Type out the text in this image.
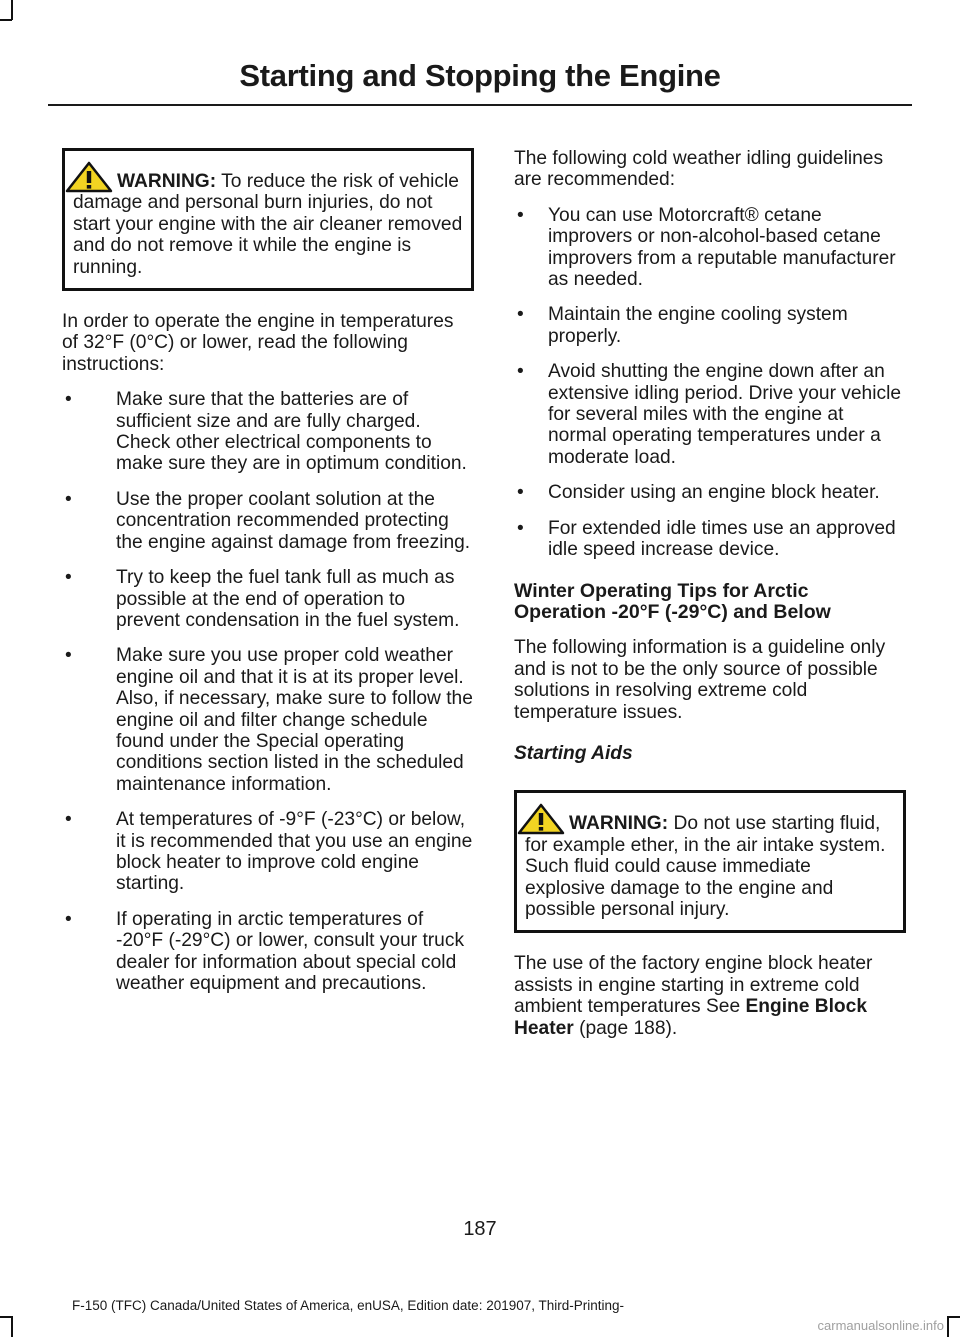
Starting and Stopping the Engine
WARNING: To reduce the risk of vehicle damage and personal burn injuries, do not start your engine with the air cleaner removed and do not remove it while the engine is running.

In order to operate the engine in temperatures of 32°F (0°C) or lower, read the following instructions:

• Make sure that the batteries are of sufficient size and are fully charged. Check other electrical components to make sure they are in optimum condition.
• Use the proper coolant solution at the concentration recommended protecting the engine against damage from freezing.
• Try to keep the fuel tank full as much as possible at the end of operation to prevent condensation in the fuel system.
• Make sure you use proper cold weather engine oil and that it is at its proper level. Also, if necessary, make sure to follow the engine oil and filter change schedule found under the Special operating conditions section listed in the scheduled maintenance information.
• At temperatures of -9°F (-23°C) or below, it is recommended that you use an engine block heater to improve cold engine starting.
• If operating in arctic temperatures of -20°F (-29°C) or lower, consult your truck dealer for information about special cold weather equipment and precautions.

The following cold weather idling guidelines are recommended:

• You can use Motorcraft® cetane improvers or non-alcohol-based cetane improvers from a reputable manufacturer as needed.
• Maintain the engine cooling system properly.
• Avoid shutting the engine down after an extensive idling period. Drive your vehicle for several miles with the engine at normal operating temperatures under a moderate load.
• Consider using an engine block heater.
• For extended idle times use an approved idle speed increase device.
Winter Operating Tips for Arctic Operation -20°F (-29°C) and Below

The following information is a guideline only and is not to be the only source of possible solutions in resolving extreme cold temperature issues.

Starting Aids
WARNING: Do not use starting fluid, for example ether, in the air intake system. Such fluid could cause immediate explosive damage to the engine and possible personal injury.

The use of the factory engine block heater assists in engine starting in extreme cold ambient temperatures See Engine Block Heater (page 188).

187
F-150 (TFC) Canada/United States of America, enUSA, Edition date: 201907, Third-Printing-
carmanualsonline.info
